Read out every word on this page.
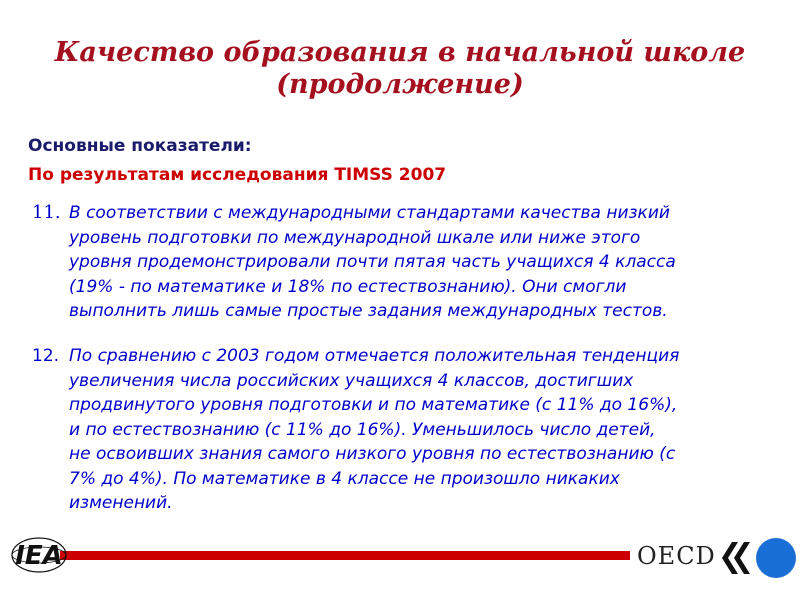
Качество образования в начальной школе
(продолжение)
Основные показатели:
По результатам исследования TIMSS 2007
11. В соответствии с международными стандартами качества низкий
уровень подготовки по международной шкале или ниже этого
уровня продемонстрировали почти пятая часть учащихся 4 класса
(19% - по математике и 18% по естествознанию). Они смогли
выполнить лишь самые простые задания международных тестов.
12. По сравнению с 2003 годом отмечается положительная тенденция
увеличения числа российских учащихся 4 классов, достигших
продвинутого уровня подготовки и по математике (с 11% до 16%),
и по естествознанию (с 11% до 16%). Уменьшилось число детей,
не освоивших знания самого низкого уровня по естествознанию (с
7% до 4%). По математике в 4 классе не произошло никаких
изменений.
IEA	OECD
